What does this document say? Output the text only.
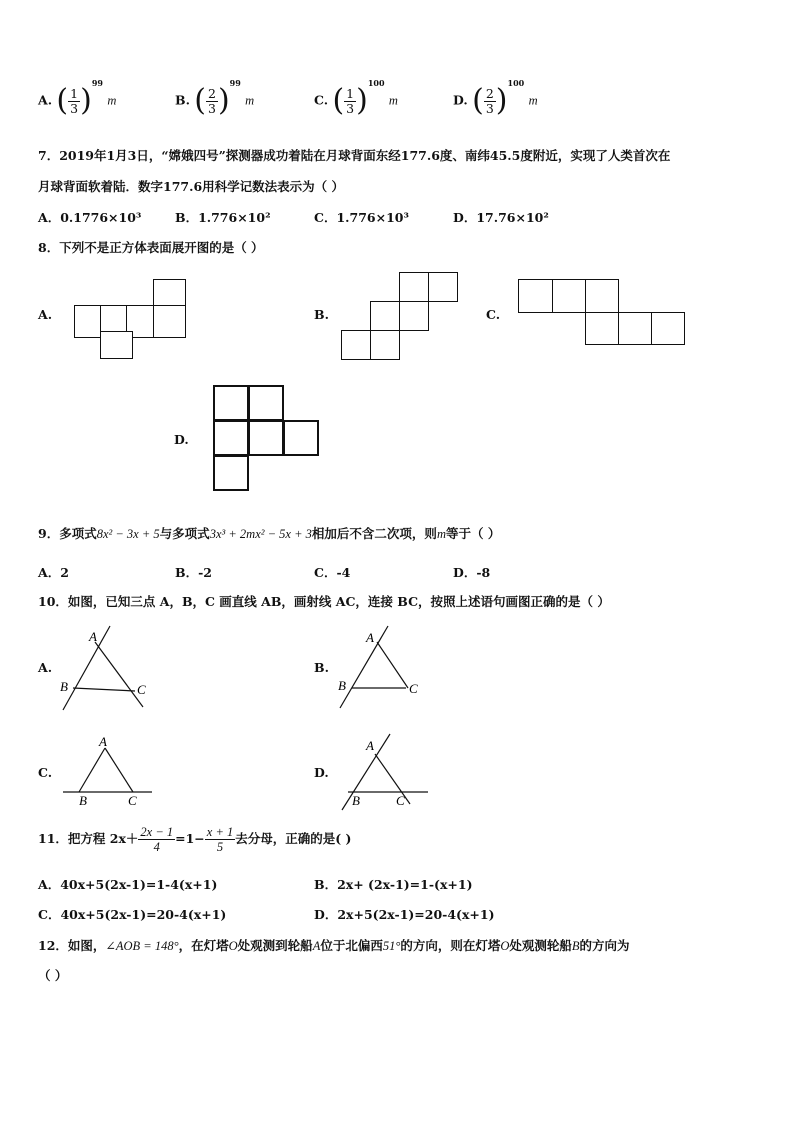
A. ( $\frac{1}{3} )^{99}$ m	B. ( $\frac{2}{3} )^{99}$ m	C. ( $\frac{1}{3} )^{100}$ m	D. ( $\frac{2}{3} )^{100}$ m
7．2019年1月3日，“嫦娥四号”探测器成功着陆在月球背面东经177.6度、南纬45.5度附近，实现了人类首次在
月球背面软着陆．数字177.6用科学记数法表示为（ ）
A．0.1776×10³	B．1.776×10²	C．1.776×10³	D．17.76×10²
8．下列不是正方体表面展开图的是（ ）
A.	B.	C.
D.
9．多项式8x² − 3x + 5与多项式3x³ + 2mx² − 5x + 3相加后不含二次项，则m等于（ ）
A．2	B．-2	C．-4	D．-8
10．如图，已知三点 A，B，C 画直线 AB，画射线 AC，连接 BC，按照上述语句画图正确的是（ ）
A.
A
B	C
B.
A
B	C
C.
A
B	C
D.
A
B	C
11．把方程 $2x+ \frac{2x - 1}{4} =1- \frac{x + 1}{5}$ 去分母，正确的是( )
A．40x+5(2x-1)=1-4(x+1)	B．2x+ (2x-1)=1-(x+1)
C．40x+5(2x-1)=20-4(x+1)	D．2x+5(2x-1)=20-4(x+1)
12．如图，∠AOB = 148°，在灯塔O处观测到轮船A位于北偏西51°的方向，则在灯塔O处观测轮船B的方向为
（ ）
